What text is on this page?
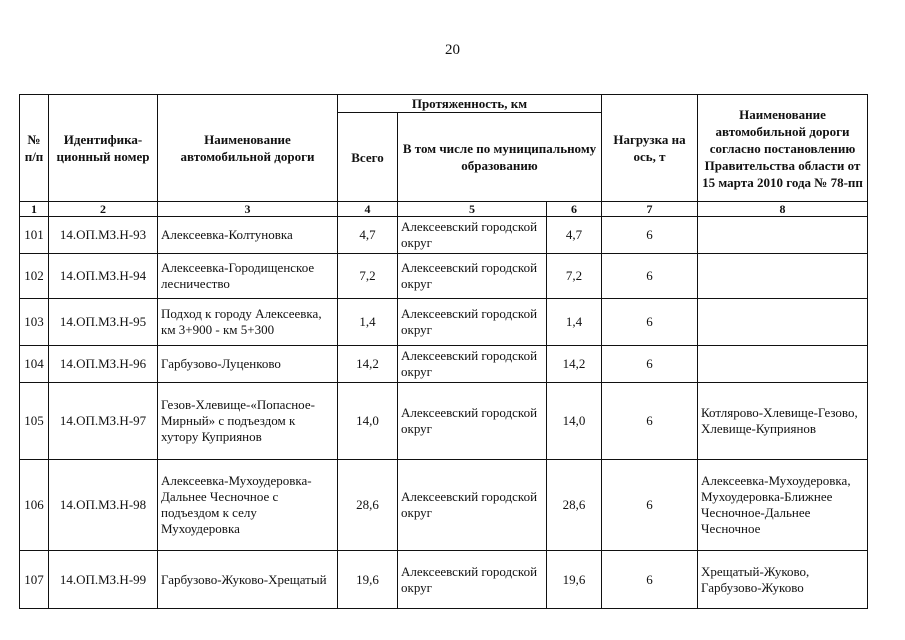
20
№ п/п	Идентифика-ционный номер	Наименование автомобильной дороги	Протяженность, км			Нагрузка на ось, т	Наименование автомобильной дороги согласно постановлению Правительства области от 15 марта 2010 года № 78-пп
			Всего	В том числе по муниципальному образованию			
1	2	3	4	5	6	7	8
101	14.ОП.МЗ.Н-93	Алексеевка-Колтуновка	4,7	Алексеевский городской округ	4,7	6	
102	14.ОП.МЗ.Н-94	Алексеевка-Городищенское лесничество	7,2	Алексеевский городской округ	7,2	6	
103	14.ОП.МЗ.Н-95	Подход к городу Алексеевка, км 3+900 - км 5+300	1,4	Алексеевский городской округ	1,4	6	
104	14.ОП.МЗ.Н-96	Гарбузово-Луценково	14,2	Алексеевский городской округ	14,2	6	
105	14.ОП.МЗ.Н-97	Гезов-Хлевище-«Попасное-Мирный» с подъездом к хутору Куприянов	14,0	Алексеевский городской округ	14,0	6	Котлярово-Хлевище-Гезово, Хлевище-Куприянов
106	14.ОП.МЗ.Н-98	Алексеевка-Мухоудеровка-Дальнее Чесночное с подъездом к селу Мухоудеровка	28,6	Алексеевский городской округ	28,6	6	Алексеевка-Мухоудеровка, Мухоудеровка-Ближнее Чесночное-Дальнее Чесночное
107	14.ОП.МЗ.Н-99	Гарбузово-Жуково-Хрещатый	19,6	Алексеевский городской округ	19,6	6	Хрещатый-Жуково, Гарбузово-Жуково
